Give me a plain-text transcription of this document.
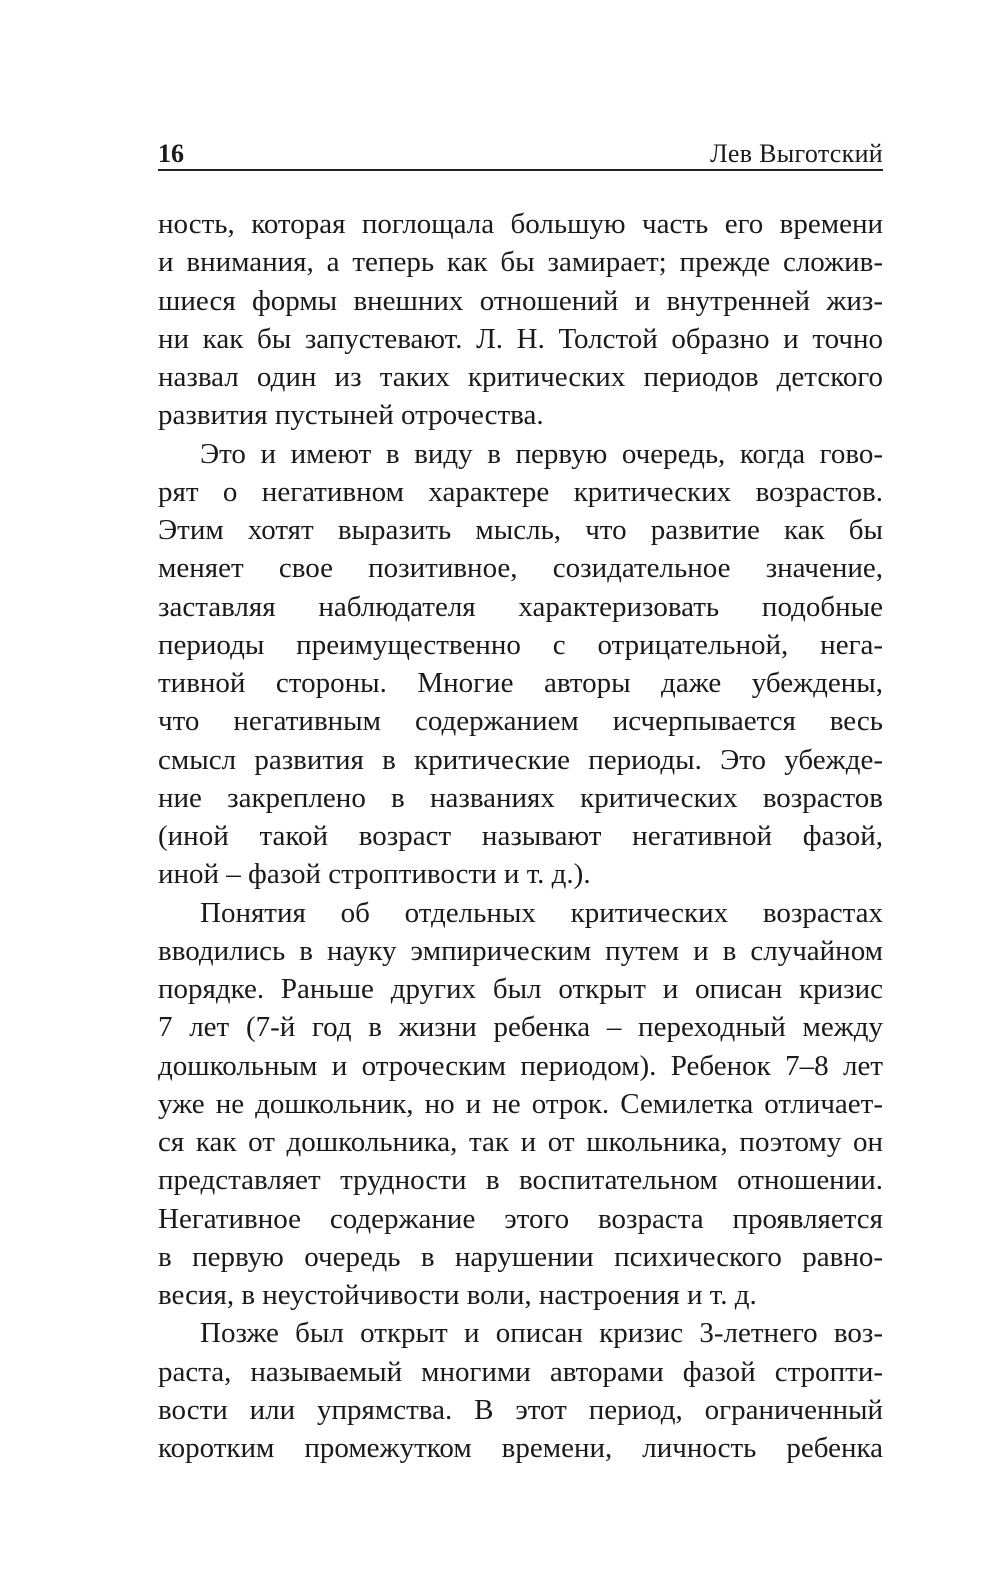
16	Лев Выготский
ность, которая поглощала большую часть его времени
и внимания, а теперь как бы замирает; прежде сложив-
шиеся формы внешних отношений и внутренней жиз-
ни как бы запустевают. Л. Н. Толстой образно и точно
назвал один из таких критических периодов детского
развития пустыней отрочества.
Это и имеют в виду в первую очередь, когда гово-
рят о негативном характере критических возрастов.
Этим хотят выразить мысль, что развитие как бы
меняет свое позитивное, созидательное значение,
заставляя наблюдателя характеризовать подобные
периоды преимущественно с отрицательной, нега-
тивной стороны. Многие авторы даже убеждены,
что негативным содержанием исчерпывается весь
смысл развития в критические периоды. Это убежде-
ние закреплено в названиях критических возрастов
(иной такой возраст называют негативной фазой,
иной – фазой строптивости и т. д.).
Понятия об отдельных критических возрастах
вводились в науку эмпирическим путем и в случайном
порядке. Раньше других был открыт и описан кризис
7 лет (7-й год в жизни ребенка – переходный между
дошкольным и отроческим периодом). Ребенок 7–8 лет
уже не дошкольник, но и не отрок. Семилетка отличает-
ся как от дошкольника, так и от школьника, поэтому он
представляет трудности в воспитательном отношении.
Негативное содержание этого возраста проявляется
в первую очередь в нарушении психического равно-
весия, в неустойчивости воли, настроения и т. д.
Позже был открыт и описан кризис 3-летнего воз-
раста, называемый многими авторами фазой стропти-
вости или упрямства. В этот период, ограниченный
коротким промежутком времени, личность ребенка
